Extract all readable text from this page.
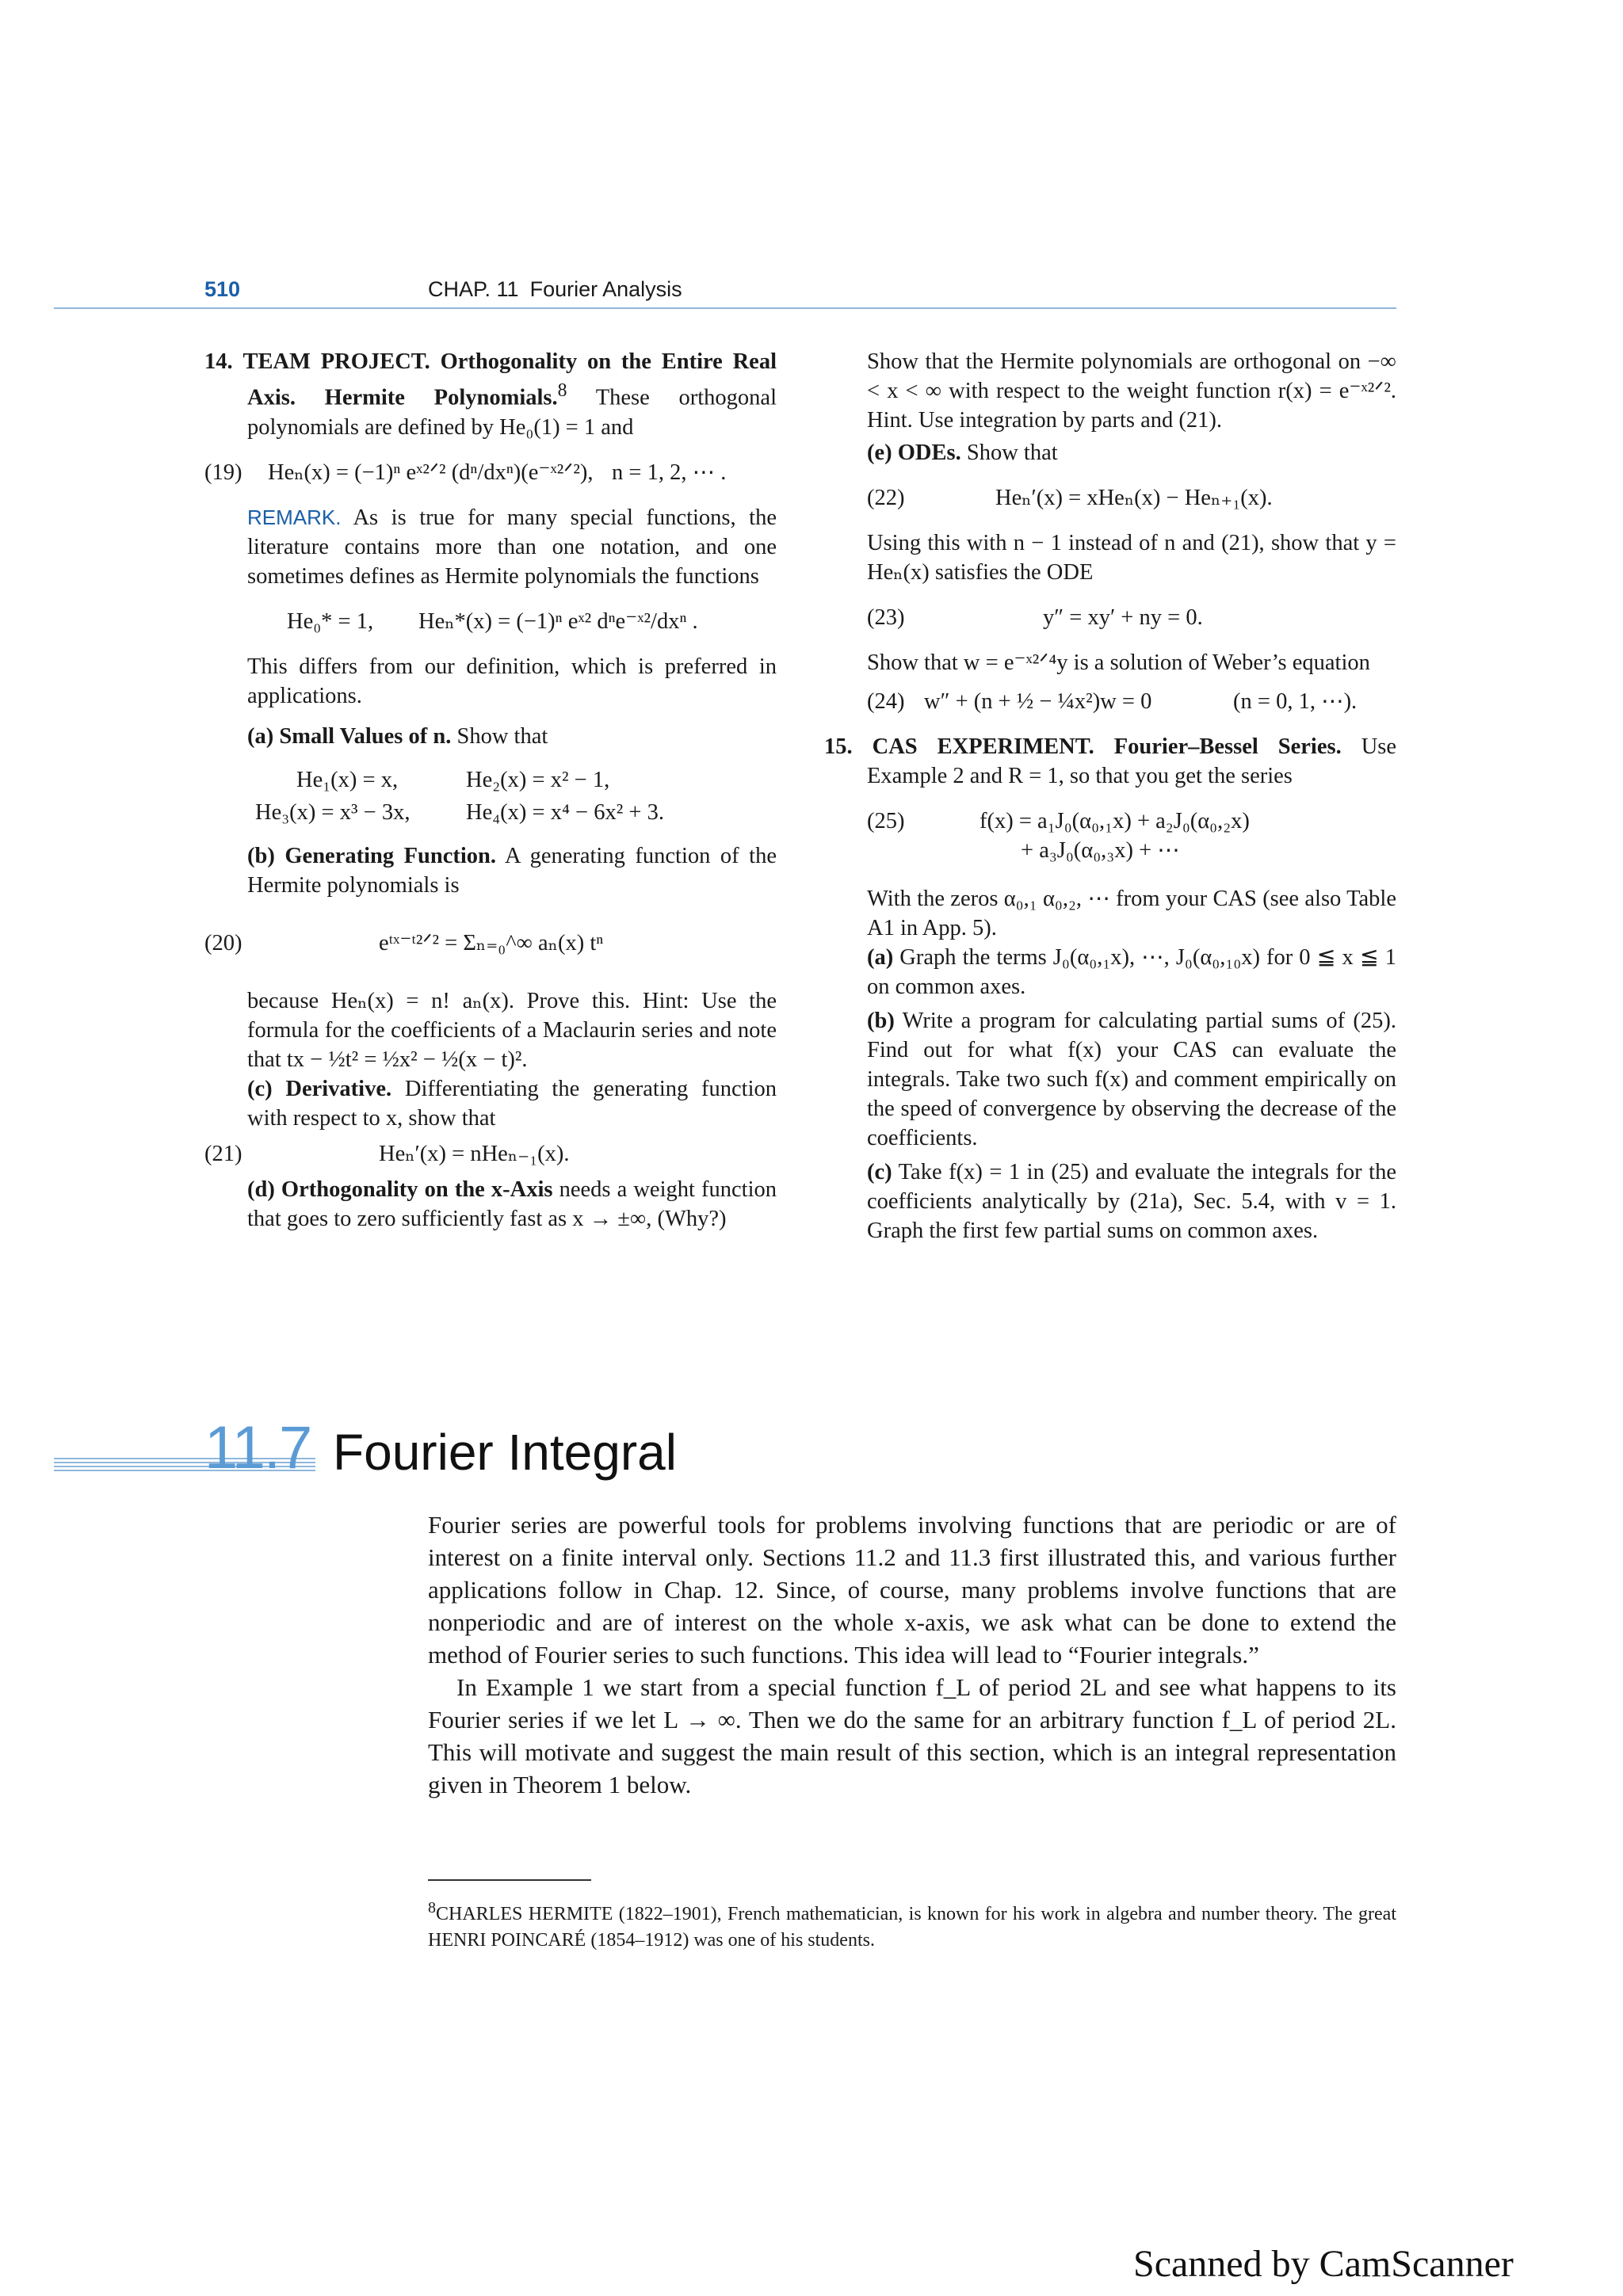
510	CHAP. 11 Fourier Analysis

14. TEAM PROJECT. Orthogonality on the Entire Real Axis. Hermite Polynomials.$^8$ These orthogonal polynomials are defined by He₀(1) = 1 and

(19) Heₙ(x) = (−1)ⁿ eˣ²ᐟ² (dⁿ/dxⁿ)(e⁻ˣ²ᐟ²), n = 1, 2, ⋯ .

REMARK. As is true for many special functions, the literature contains more than one notation, and one sometimes defines as Hermite polynomials the functions

He₀* = 1, Heₙ*(x) = (−1)ⁿ eˣ² dⁿe⁻ˣ²/dxⁿ .

This differs from our definition, which is preferred in applications.

(a) Small Values of n. Show that

He₁(x) = x,	He₂(x) = x² − 1,
He₃(x) = x³ − 3x, He₄(x) = x⁴ − 6x² + 3.

(b) Generating Function. A generating function of the Hermite polynomials is

(20)	eᵗˣ⁻ᵗ²ᐟ² = Σₙ₌₀^∞ aₙ(x) tⁿ

because Heₙ(x) = n! aₙ(x). Prove this. Hint: Use the formula for the coefficients of a Maclaurin series and note that tx − ½t² = ½x² − ½(x − t)².

(c) Derivative. Differentiating the generating function with respect to x, show that

(21)	Heₙ′(x) = nHeₙ₋₁(x).

(d) Orthogonality on the x-Axis needs a weight function that goes to zero sufficiently fast as x → ±∞, (Why?)

Show that the Hermite polynomials are orthogonal on −∞ < x < ∞ with respect to the weight function r(x) = e⁻ˣ²ᐟ². Hint. Use integration by parts and (21).

(e) ODEs. Show that

(22)	Heₙ′(x) = xHeₙ(x) − Heₙ₊₁(x).

Using this with n − 1 instead of n and (21), show that y = Heₙ(x) satisfies the ODE

(23)	y″ = xy′ + ny = 0.

Show that w = e⁻ˣ²ᐟ⁴y is a solution of Weber’s equation

(24) w″ + (n + ½ − ¼x²)w = 0	(n = 0, 1, ⋯).

15. CAS EXPERIMENT. Fourier–Bessel Series. Use Example 2 and R = 1, so that you get the series

(25)	f(x) = a₁J₀(α₀,₁x) + a₂J₀(α₀,₂x)
+ a₃J₀(α₀,₃x) + ⋯

With the zeros α₀,₁ α₀,₂, ⋯ from your CAS (see also Table A1 in App. 5).

(a) Graph the terms J₀(α₀,₁x), ⋯, J₀(α₀,₁₀x) for 0 ≦ x ≦ 1 on common axes.

(b) Write a program for calculating partial sums of (25). Find out for what f(x) your CAS can evaluate the integrals. Take two such f(x) and comment empirically on the speed of convergence by observing the decrease of the coefficients.

(c) Take f(x) = 1 in (25) and evaluate the integrals for the coefficients analytically by (21a), Sec. 5.4, with v = 1. Graph the first few partial sums on common axes.

11.7 Fourier Integral

Fourier series are powerful tools for problems involving functions that are periodic or are of interest on a finite interval only. Sections 11.2 and 11.3 first illustrated this, and various further applications follow in Chap. 12. Since, of course, many problems involve functions that are nonperiodic and are of interest on the whole x-axis, we ask what can be done to extend the method of Fourier series to such functions. This idea will lead to “Fourier integrals.”

In Example 1 we start from a special function f_L of period 2L and see what happens to its Fourier series if we let L → ∞. Then we do the same for an arbitrary function f_L of period 2L. This will motivate and suggest the main result of this section, which is an integral representation given in Theorem 1 below.

$^8$CHARLES HERMITE (1822–1901), French mathematician, is known for his work in algebra and number theory. The great HENRI POINCARÉ (1854–1912) was one of his students.
Scanned by CamScanner
